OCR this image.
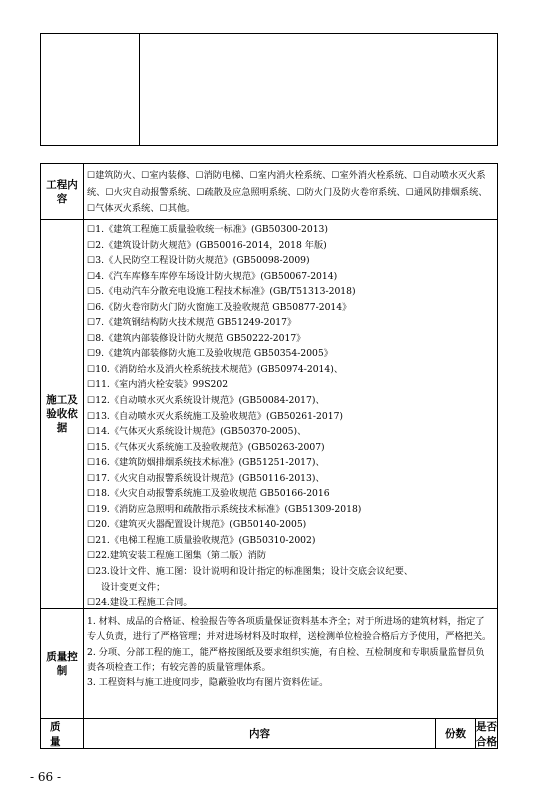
工程内容
☐建筑防火、☐室内装修、☐消防电梯、☐室内消火栓系统、☐室外消火栓系统、☐自动喷水灭火系统、☐火灾自动报警系统、☐疏散及应急照明系统、☐防火门及防火卷帘系统、☐通风防排烟系统、☐气体灭火系统、☐其他。
施工及验收依据
☐1.《建筑工程施工质量验收统一标准》(GB50300-2013)
☐2.《建筑设计防火规范》(GB50016-2014，2018 年版)
☐3.《人民防空工程设计防火规范》(GB50098-2009)
☐4.《汽车库修车库停车场设计防火规范》(GB50067-2014)
☐5.《电动汽车分散充电设施工程技术标准》(GB/T51313-2018)
☐6.《防火卷帘防火门防火窗施工及验收规范 GB50877-2014》
☐7.《建筑钢结构防火技术规范 GB51249-2017》
☐8.《建筑内部装修设计防火规范 GB50222-2017》
☐9.《建筑内部装修防火施工及验收规范 GB50354-2005》
☐10.《消防给水及消火栓系统技术规范》(GB50974-2014)、
☐11.《室内消火栓安装》99S202
☐12.《自动喷水灭火系统设计规范》(GB50084-2017)、
☐13.《自动喷水灭火系统施工及验收规范》(GB50261-2017)
☐14.《气体灭火系统设计规范》(GB50370-2005)、
☐15.《气体灭火系统施工及验收规范》(GB50263-2007)
☐16.《建筑防烟排烟系统技术标准》(GB51251-2017)、
☐17.《火灾自动报警系统设计规范》(GB50116-2013)、
☐18.《火灾自动报警系统施工及验收规范 GB50166-2016
☐19.《消防应急照明和疏散指示系统技术标准》(GB51309-2018)
☐20.《建筑灭火器配置设计规范》(GB50140-2005)
☐21.《电梯工程施工质量验收规范》(GB50310-2002)
☐22.建筑安装工程施工图集（第二版）消防
☐23.设计文件、施工图：设计说明和设计指定的标准图集；设计交底会议纪要、
设计变更文件；
☐24.建设工程施工合同。
质量控制

1. 材料、成品的合格证、检验报告等各项质量保证资料基本齐全；对于所进场的建筑材料，指定了专人负责，进行了严格管理；并对进场材料及时取样，送检测单位检验合格后方予使用，严格把关。

2. 分项、分部工程的施工，能严格按图纸及要求组织实施，有自检、互检制度和专职质量监督员负责各项检查工作；有较完善的质量管理体系。

3. 工程资料与施工进度同步，隐蔽验收均有图片资料佐证。

质量
内容	份数
是否合格
- 66 -
